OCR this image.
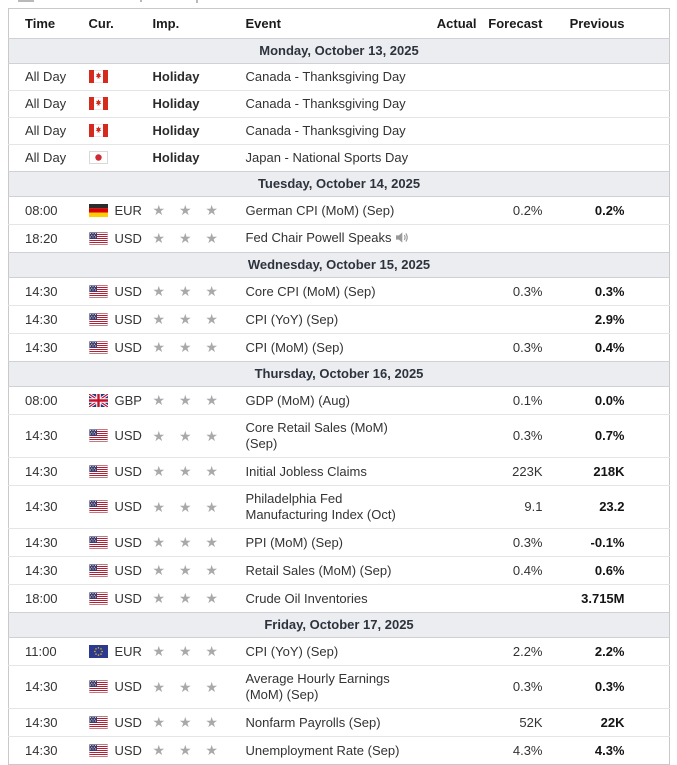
Time	Cur.	Imp.	Event	Actual	Forecast	Previous	
Monday, October 13, 2025							
All Day		Holiday	Canada - Thanksgiving Day				
All Day		Holiday	Canada - Thanksgiving Day				
All Day		Holiday	Canada - Thanksgiving Day				
All Day		Holiday	Japan - National Sports Day				
Tuesday, October 14, 2025							
08:00	EUR	★ ★ ★	German CPI (MoM) (Sep)		0.2%	0.2%	
18:20	USD	★ ★ ★	Fed Chair Powell Speaks				
Wednesday, October 15, 2025							
14:30	USD	★ ★ ★	Core CPI (MoM) (Sep)		0.3%	0.3%	
14:30	USD	★ ★ ★	CPI (YoY) (Sep)			2.9%	
14:30	USD	★ ★ ★	CPI (MoM) (Sep)		0.3%	0.4%	
Thursday, October 16, 2025							
08:00	GBP	★ ★ ★	GDP (MoM) (Aug)		0.1%	0.0%	
14:30	USD	★ ★ ★	Core Retail Sales (MoM) (Sep)		0.3%	0.7%	
14:30	USD	★ ★ ★	Initial Jobless Claims		223K	218K	
14:30	USD	★ ★ ★	Philadelphia Fed Manufacturing Index (Oct)		9.1	23.2	
14:30	USD	★ ★ ★	PPI (MoM) (Sep)		0.3%	-0.1%	
14:30	USD	★ ★ ★	Retail Sales (MoM) (Sep)		0.4%	0.6%	
18:00	USD	★ ★ ★	Crude Oil Inventories			3.715M	
Friday, October 17, 2025							
11:00	EUR	★ ★ ★	CPI (YoY) (Sep)		2.2%	2.2%	
14:30	USD	★ ★ ★	Average Hourly Earnings (MoM) (Sep)		0.3%	0.3%	
14:30	USD	★ ★ ★	Nonfarm Payrolls (Sep)		52K	22K	
14:30	USD	★ ★ ★	Unemployment Rate (Sep)		4.3%	4.3%	
